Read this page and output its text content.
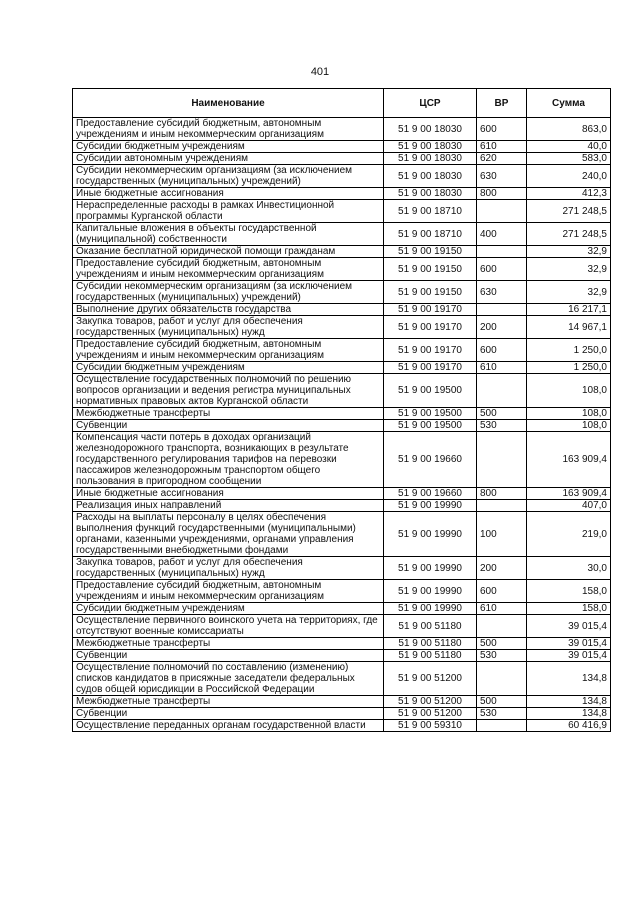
401
Наименование	ЦСР	ВР	Сумма
Предоставление субсидий бюджетным, автономным учреждениям и иным некоммерческим организациям	51 9 00 18030	600	863,0
Субсидии бюджетным учреждениям	51 9 00 18030	610	40,0
Субсидии автономным учреждениям	51 9 00 18030	620	583,0
Субсидии некоммерческим организациям (за исключением государственных (муниципальных) учреждений)	51 9 00 18030	630	240,0
Иные бюджетные ассигнования	51 9 00 18030	800	412,3
Нераспределенные расходы в рамках Инвестиционной программы Курганской области	51 9 00 18710		271 248,5
Капитальные вложения в объекты государственной (муниципальной) собственности	51 9 00 18710	400	271 248,5
Оказание бесплатной юридической помощи гражданам	51 9 00 19150		32,9
Предоставление субсидий бюджетным, автономным учреждениям и иным некоммерческим организациям	51 9 00 19150	600	32,9
Субсидии некоммерческим организациям (за исключением государственных (муниципальных) учреждений)	51 9 00 19150	630	32,9
Выполнение других обязательств государства	51 9 00 19170		16 217,1
Закупка товаров, работ и услуг для обеспечения государственных (муниципальных) нужд	51 9 00 19170	200	14 967,1
Предоставление субсидий бюджетным, автономным учреждениям и иным некоммерческим организациям	51 9 00 19170	600	1 250,0
Субсидии бюджетным учреждениям	51 9 00 19170	610	1 250,0
Осуществление государственных полномочий по решению вопросов организации и ведения регистра муниципальных нормативных правовых актов Курганской области	51 9 00 19500		108,0
Межбюджетные трансферты	51 9 00 19500	500	108,0
Субвенции	51 9 00 19500	530	108,0
Компенсация части потерь в доходах организаций железнодорожного транспорта, возникающих в результате государственного регулирования тарифов на перевозки пассажиров железнодорожным транспортом общего пользования в пригородном сообщении	51 9 00 19660		163 909,4
Иные бюджетные ассигнования	51 9 00 19660	800	163 909,4
Реализация иных направлений	51 9 00 19990		407,0
Расходы на выплаты персоналу в целях обеспечения выполнения функций государственными (муниципальными) органами, казенными учреждениями, органами управления государственными внебюджетными фондами	51 9 00 19990	100	219,0
Закупка товаров, работ и услуг для обеспечения государственных (муниципальных) нужд	51 9 00 19990	200	30,0
Предоставление субсидий бюджетным, автономным учреждениям и иным некоммерческим организациям	51 9 00 19990	600	158,0
Субсидии бюджетным учреждениям	51 9 00 19990	610	158,0
Осуществление первичного воинского учета на территориях, где отсутствуют военные комиссариаты	51 9 00 51180		39 015,4
Межбюджетные трансферты	51 9 00 51180	500	39 015,4
Субвенции	51 9 00 51180	530	39 015,4
Осуществление полномочий по составлению (изменению) списков кандидатов в присяжные заседатели федеральных судов общей юрисдикции в Российской Федерации	51 9 00 51200		134,8
Межбюджетные трансферты	51 9 00 51200	500	134,8
Субвенции	51 9 00 51200	530	134,8
Осуществление переданных органам государственной власти	51 9 00 59310		60 416,9
